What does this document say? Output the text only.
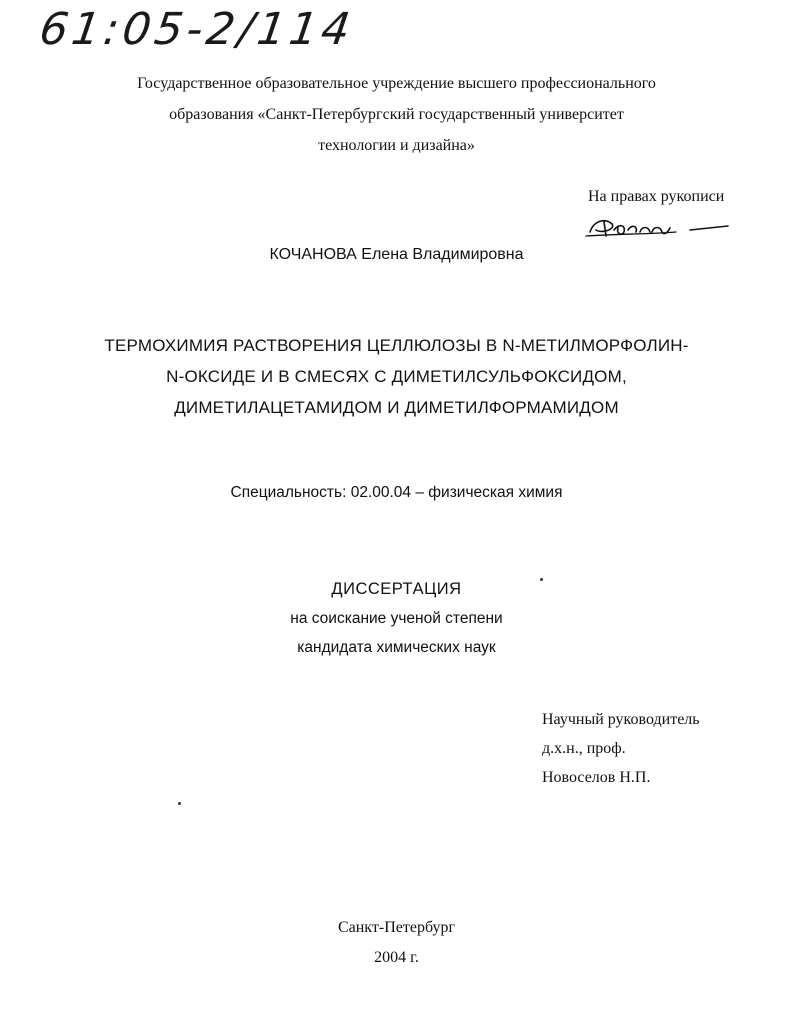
61:05-2/114
Государственное образовательное учреждение высшего профессионального
образования «Санкт-Петербургский государственный университет
технологии и дизайна»
На правах рукописи
КОЧАНОВА Елена Владимировна
ТЕРМОХИМИЯ РАСТВОРЕНИЯ ЦЕЛЛЮЛОЗЫ В N-МЕТИЛМОРФОЛИН-
N-ОКСИДЕ И В СМЕСЯХ С ДИМЕТИЛСУЛЬФОКСИДОМ,
ДИМЕТИЛАЦЕТАМИДОМ И ДИМЕТИЛФОРМАМИДОМ
Специальность: 02.00.04 – физическая химия
ДИССЕРТАЦИЯ
на соискание ученой степени
кандидата химических наук
Научный руководитель
д.х.н., проф.
Новоселов Н.П.
Санкт-Петербург
2004 г.
